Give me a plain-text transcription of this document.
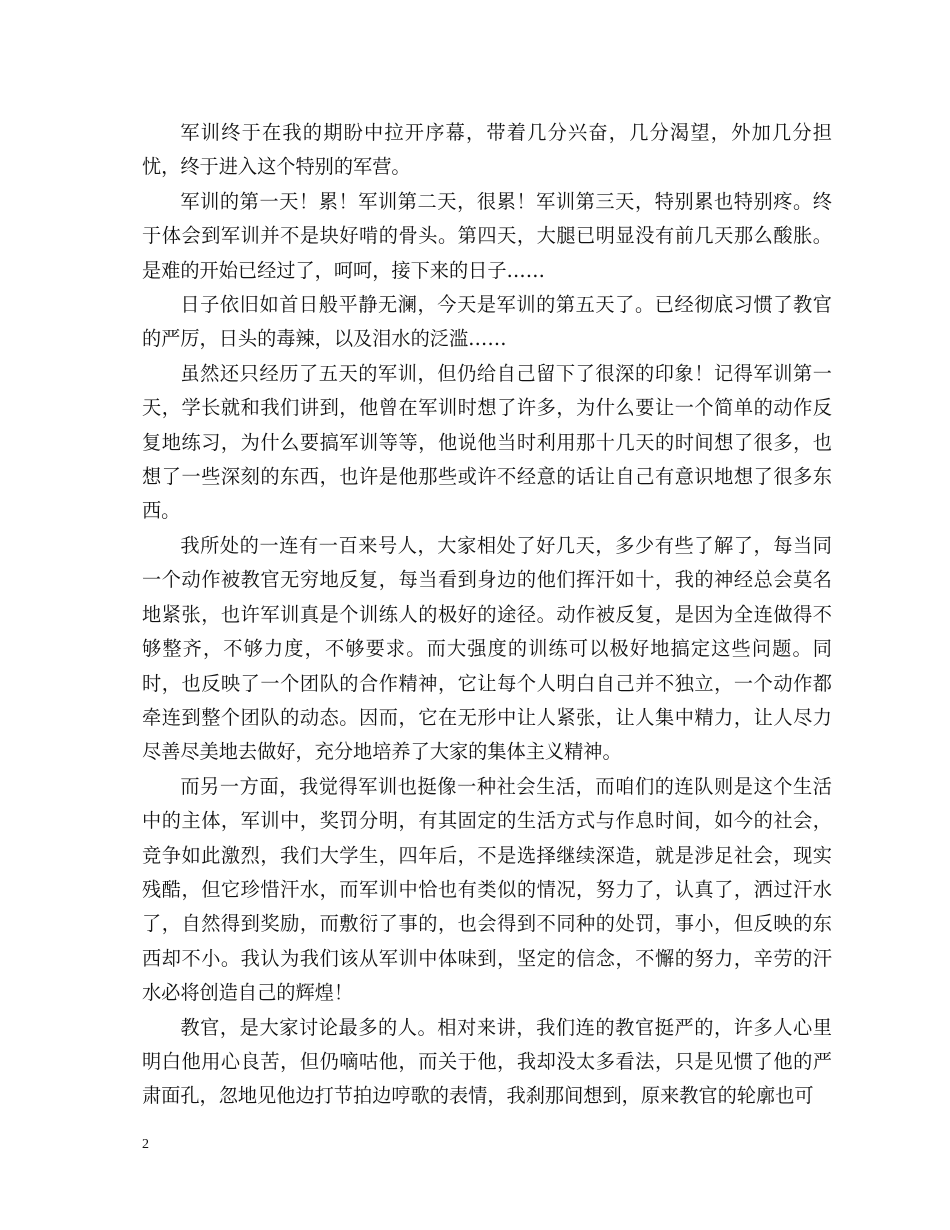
军训终于在我的期盼中拉开序幕，带着几分兴奋，几分渴望，外加几分担忧，终于进入这个特别的军营。

军训的第一天！累！军训第二天，很累！军训第三天，特别累也特别疼。终于体会到军训并不是块好啃的骨头。第四天，大腿已明显没有前几天那么酸胀。是难的开始已经过了，呵呵，接下来的日子……

日子依旧如首日般平静无澜，今天是军训的第五天了。已经彻底习惯了教官的严厉，日头的毒辣，以及泪水的泛滥……

虽然还只经历了五天的军训，但仍给自己留下了很深的印象！记得军训第一天，学长就和我们讲到，他曾在军训时想了许多，为什么要让一个简单的动作反复地练习，为什么要搞军训等等，他说他当时利用那十几天的时间想了很多，也想了一些深刻的东西，也许是他那些或许不经意的话让自己有意识地想了很多东西。

我所处的一连有一百来号人，大家相处了好几天，多少有些了解了，每当同一个动作被教官无穷地反复，每当看到身边的他们挥汗如十，我的神经总会莫名地紧张，也许军训真是个训练人的极好的途径。动作被反复，是因为全连做得不够整齐，不够力度，不够要求。而大强度的训练可以极好地搞定这些问题。同时，也反映了一个团队的合作精神，它让每个人明白自己并不独立，一个动作都牵连到整个团队的动态。因而，它在无形中让人紧张，让人集中精力，让人尽力尽善尽美地去做好，充分地培养了大家的集体主义精神。

而另一方面，我觉得军训也挺像一种社会生活，而咱们的连队则是这个生活中的主体，军训中，奖罚分明，有其固定的生活方式与作息时间，如今的社会，竞争如此激烈，我们大学生，四年后，不是选择继续深造，就是涉足社会，现实残酷，但它珍惜汗水，而军训中恰也有类似的情况，努力了，认真了，洒过汗水了，自然得到奖励，而敷衍了事的，也会得到不同种的处罚，事小，但反映的东西却不小。我认为我们该从军训中体味到，坚定的信念，不懈的努力，辛劳的汗水必将创造自己的辉煌！

教官，是大家讨论最多的人。相对来讲，我们连的教官挺严的，许多人心里明白他用心良苦，但仍嘀咕他，而关于他，我却没太多看法，只是见惯了他的严肃面孔，忽地见他边打节拍边哼歌的表情，我刹那间想到，原来教官的轮廓也可

2
